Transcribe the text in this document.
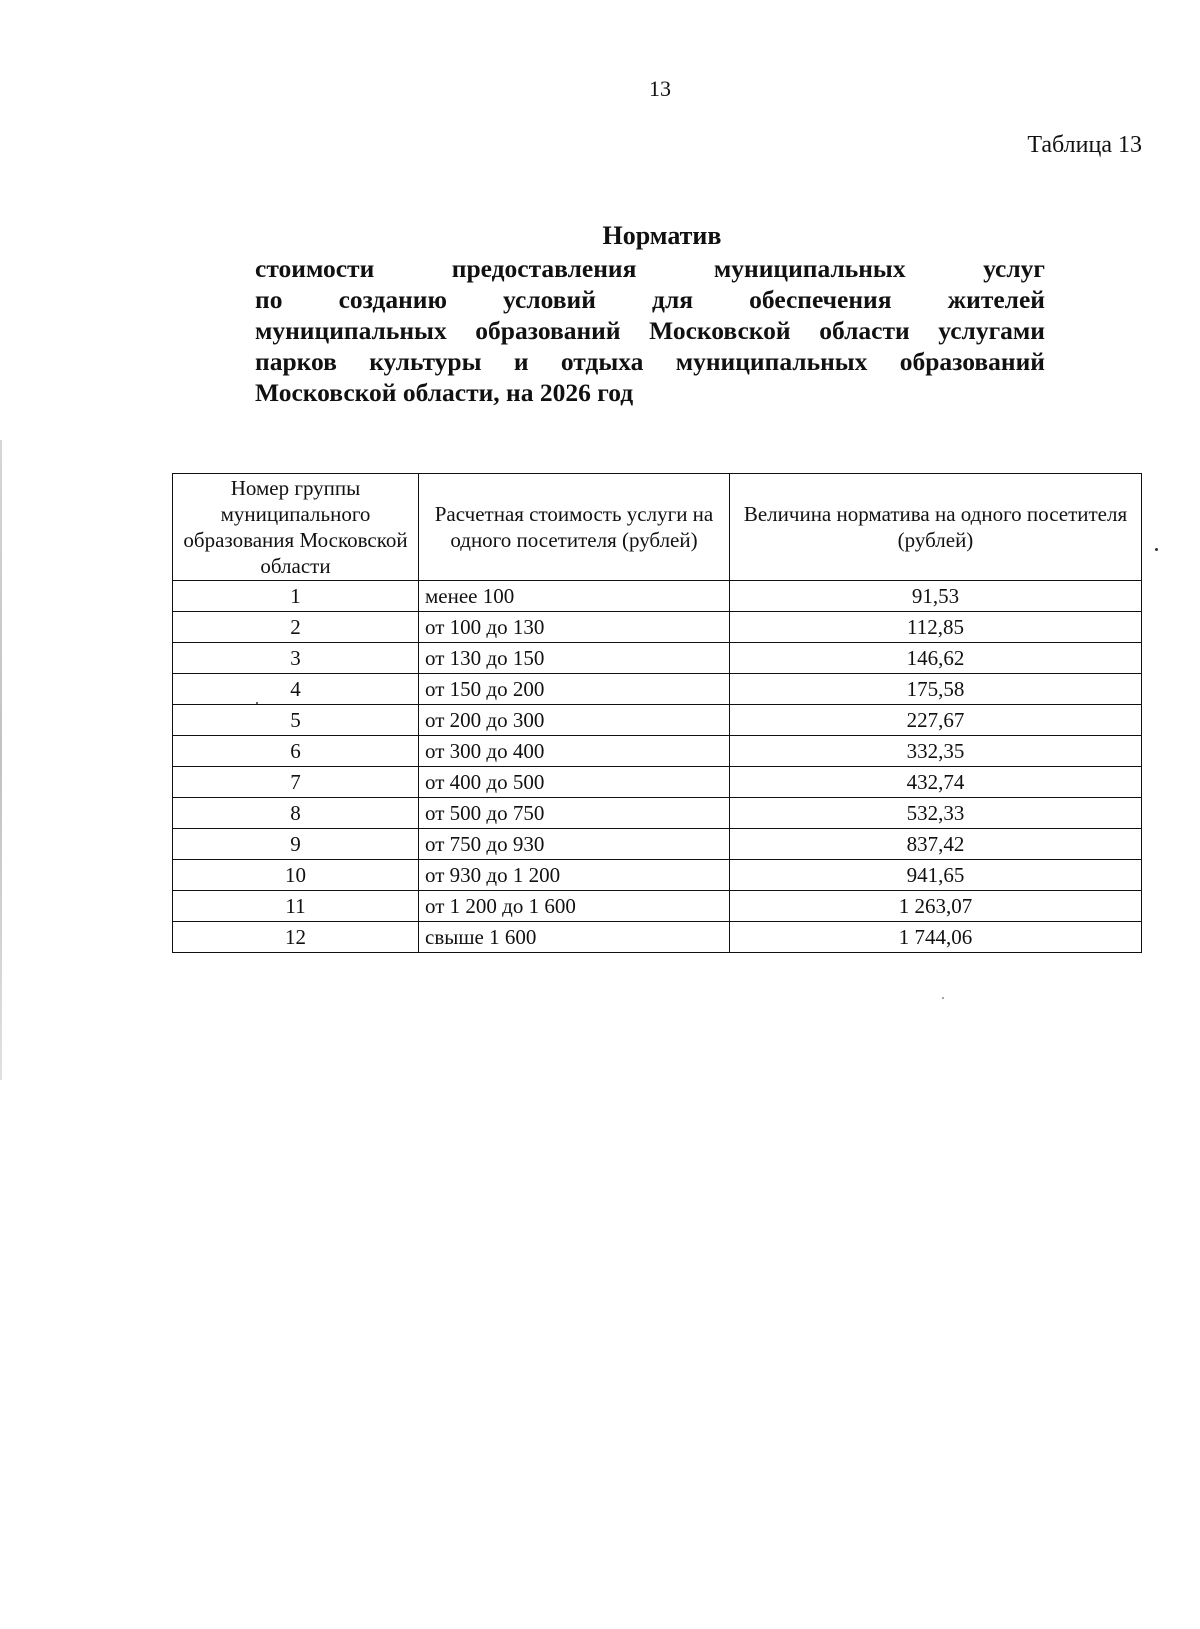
13
Таблица 13
Норматив
стоимости предоставления муниципальных услуг
по созданию условий для обеспечения жителей
муниципальных образований Московской области услугами
парков культуры и отдыха муниципальных образований
Московской области, на 2026 год
Номер группы муниципального образования Московской области	Расчетная стоимость услуги на одного посетителя (рублей)	Величина норматива на одного посетителя (рублей)
1	менее 100	91,53
2	от 100 до 130	112,85
3	от 130 до 150	146,62
4	от 150 до 200	175,58
5	от 200 до 300	227,67
6	от 300 до 400	332,35
7	от 400 до 500	432,74
8	от 500 до 750	532,33
9	от 750 до 930	837,42
10	от 930 до 1 200	941,65
11	от 1 200 до 1 600	1 263,07
12	свыше 1 600	1 744,06
